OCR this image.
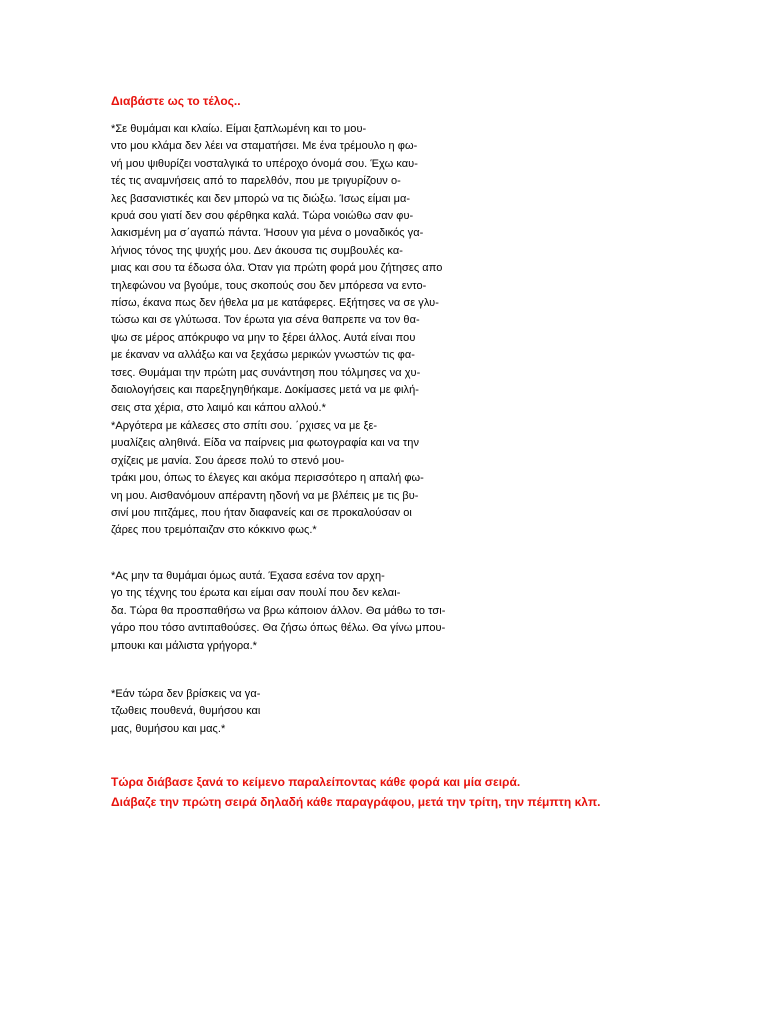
Διαβάστε ως το τέλος..
*Σε θυμάμαι και κλαίω. Είμαι ξαπλωμένη και το μου-
ντο μου κλάμα δεν λέει να σταματήσει. Με ένα τρέμουλο η φω-
νή μου ψιθυρίζει νοσταλγικά το υπέροχο όνομά σου. Έχω καυ-
τές τις αναμνήσεις από το παρελθόν, που με τριγυρίζουν ο-
λες βασανιστικές και δεν μπορώ να τις διώξω. Ίσως είμαι μα-
κρυά σου γιατί δεν σου φέρθηκα καλά. Τώρα νοιώθω σαν φυ-
λακισμένη μα σ΄αγαπώ πάντα. Ήσουν για μένα ο μοναδικός γα-
λήνιος τόνος της ψυχής μου. Δεν άκουσα τις συμβουλές κα-
μιας και σου τα έδωσα όλα. Όταν για πρώτη φορά μου ζήτησες απο
τηλεφώνου να βγούμε, τους σκοπούς σου δεν μπόρεσα να εντο-
πίσω, έκανα πως δεν ήθελα μα με κατάφερες. Εξήτησες να σε γλυ-
τώσω και σε γλύτωσα. Τον έρωτα για σένα θαπρεπε να τον θα-
ψω σε μέρος απόκρυφο να μην το ξέρει άλλος. Αυτά είναι που
με έκαναν να αλλάξω και να ξεχάσω μερικών γνωστών τις φα-
τσες. Θυμάμαι την πρώτη μας συνάντηση που τόλμησες να χυ-
δαιολογήσεις και παρεξηγηθήκαμε. Δοκίμασες μετά να με φιλή-
σεις στα χέρια, στο λαιμό και κάπου αλλού.*
*Αργότερα με κάλεσες στο σπίτι σου. ΄ρχισες να με ξε-
μυαλίζεις αληθινά. Είδα να παίρνεις μια φωτογραφία και να την
σχίζεις με μανία. Σου άρεσε πολύ το στενό μου-
τράκι μου, όπως το έλεγες και ακόμα περισσότερο η απαλή φω-
νη μου. Αισθανόμουν απέραντη ηδονή να με βλέπεις με τις βυ-
σινί μου πιτζάμες, που ήταν διαφανείς και σε προκαλούσαν οι
ζάρες που τρεμόπαιζαν στο κόκκινο φως.*
*Ας μην τα θυμάμαι όμως αυτά. Έχασα εσένα τον αρχη-
γο της τέχνης του έρωτα και είμαι σαν πουλί που δεν κελαι-
δα. Τώρα θα προσπαθήσω να βρω κάποιον άλλον. Θα μάθω το τσι-
γάρο που τόσο αντιπαθούσες. Θα ζήσω όπως θέλω. Θα γίνω μπου-
μπουκι και μάλιστα γρήγορα.*
*Εάν τώρα δεν βρίσκεις να γα-
τζωθεις πουθενά, θυμήσου και
μας, θυμήσου και μας.*
Τώρα διάβασε ξανά το κείμενο παραλείποντας κάθε φορά και μία σειρά.
Διάβαζε την πρώτη σειρά δηλαδή κάθε παραγράφου, μετά την τρίτη, την πέμπτη κλπ.
